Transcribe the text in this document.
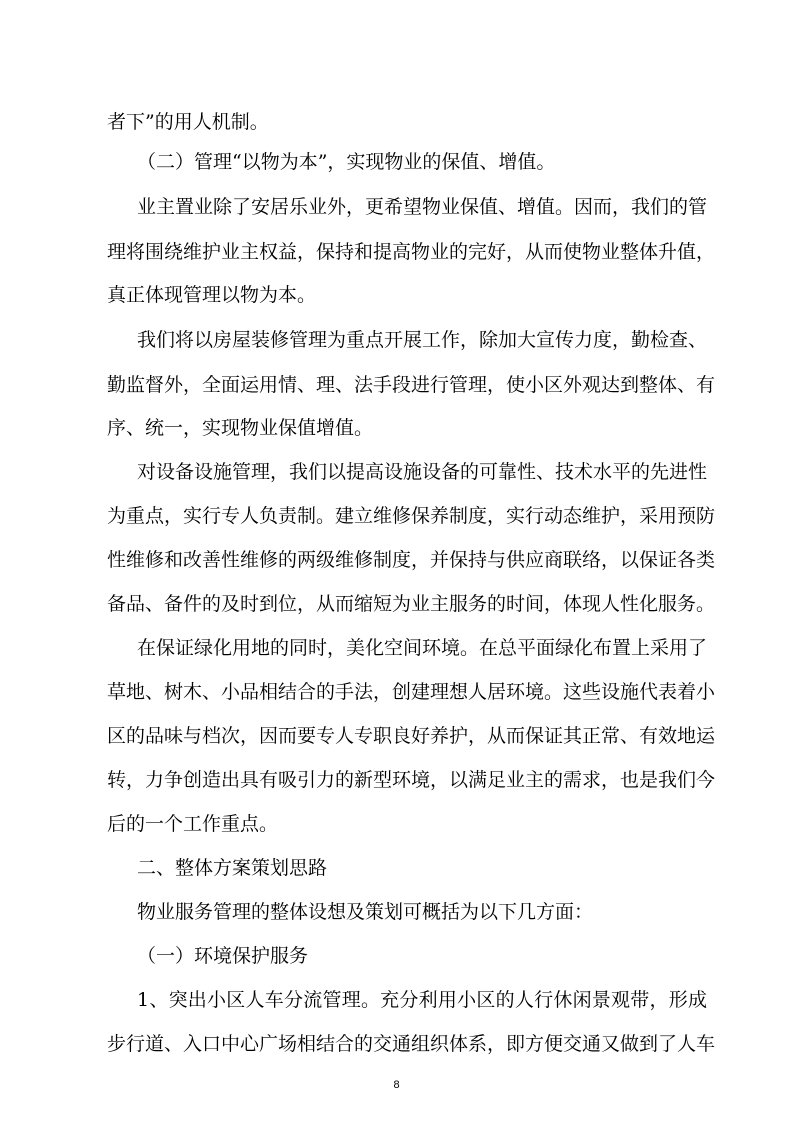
者下”的用人机制。

（二）管理“以物为本”，实现物业的保值、增值。

业主置业除了安居乐业外，更希望物业保值、增值。因而，我们的管

理将围绕维护业主权益，保持和提高物业的完好，从而使物业整体升值，

真正体现管理以物为本。

我们将以房屋装修管理为重点开展工作，除加大宣传力度，勤检查、

勤监督外，全面运用情、理、法手段进行管理，使小区外观达到整体、有

序、统一，实现物业保值增值。

对设备设施管理，我们以提高设施设备的可靠性、技术水平的先进性

为重点，实行专人负责制。建立维修保养制度，实行动态维护，采用预防

性维修和改善性维修的两级维修制度，并保持与供应商联络，以保证各类

备品、备件的及时到位，从而缩短为业主服务的时间，体现人性化服务。

在保证绿化用地的同时，美化空间环境。在总平面绿化布置上采用了

草地、树木、小品相结合的手法，创建理想人居环境。这些设施代表着小

区的品味与档次，因而要专人专职良好养护，从而保证其正常、有效地运

转，力争创造出具有吸引力的新型环境，以满足业主的需求，也是我们今

后的一个工作重点。

二、整体方案策划思路

物业服务管理的整体设想及策划可概括为以下几方面：

（一）环境保护服务

1、突出小区人车分流管理。充分利用小区的人行休闲景观带，形成

步行道、入口中心广场相结合的交通组织体系，即方便交通又做到了人车

8
